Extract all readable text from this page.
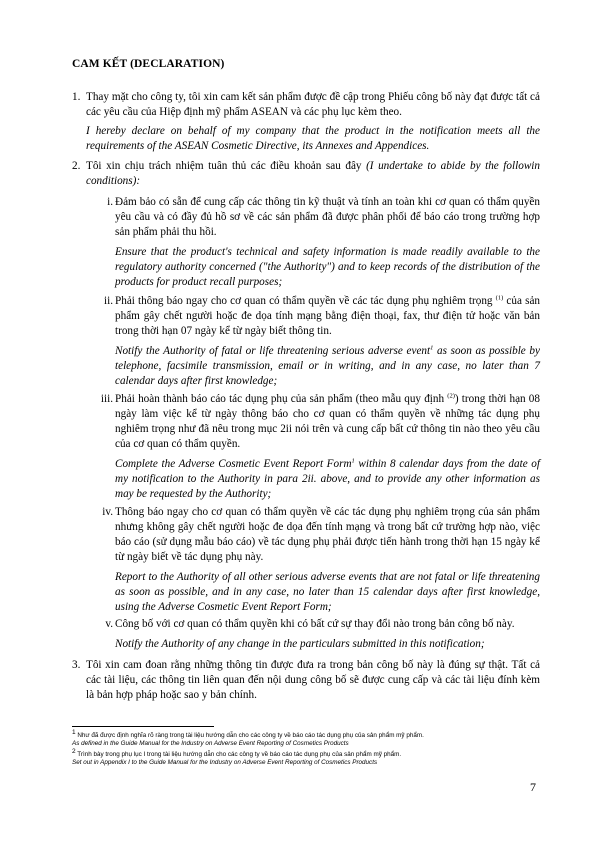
CAM KẾT (DECLARATION)
1. Thay mặt cho công ty, tôi xin cam kết sản phẩm được đề cập trong Phiếu công bố này đạt được tất cả các yêu cầu của Hiệp định mỹ phẩm ASEAN và các phụ lục kèm theo.
I hereby declare on behalf of my company that the product in the notification meets all the requirements of the ASEAN Cosmetic Directive, its Annexes and Appendices.
2. Tôi xin chịu trách nhiệm tuân thủ các điều khoản sau đây (I undertake to abide by the followin conditions):
i. Đảm bảo có sẵn để cung cấp các thông tin kỹ thuật và tính an toàn khi cơ quan có thẩm quyền yêu cầu và có đầy đủ hồ sơ về các sản phẩm đã được phân phối để báo cáo trong trường hợp sản phẩm phải thu hồi.
Ensure that the product's technical and safety information is made readily available to the regulatory authority concerned ("the Authority") and to keep records of the distribution of the products for product recall purposes;
ii. Phải thông báo ngay cho cơ quan có thẩm quyền về các tác dụng phụ nghiêm trọng $^{(1)}$ của sản phẩm gây chết người hoặc đe dọa tính mạng bằng điện thoại, fax, thư điện tử hoặc văn bản trong thời hạn 07 ngày kể từ ngày biết thông tin.
Notify the Authority of fatal or life threatening serious adverse event$^1$ as soon as possible by telephone, facsimile transmission, email or in writing, and in any case, no later than 7 calendar days after first knowledge;
iii. Phải hoàn thành báo cáo tác dụng phụ của sản phẩm (theo mẫu quy định $^{(2)}$) trong thời hạn 08 ngày làm việc kể từ ngày thông báo cho cơ quan có thẩm quyền về những tác dụng phụ nghiêm trọng như đã nêu trong mục 2ii nói trên và cung cấp bất cứ thông tin nào theo yêu cầu của cơ quan có thẩm quyền.
Complete the Adverse Cosmetic Event Report Form$^1$ within 8 calendar days from the date of my notification to the Authority in para 2ii. above, and to provide any other information as may be requested by the Authority;
iv. Thông báo ngay cho cơ quan có thẩm quyền về các tác dụng phụ nghiêm trọng của sản phẩm nhưng không gây chết người hoặc đe dọa đến tính mạng và trong bất cứ trường hợp nào, việc báo cáo (sử dụng mẫu báo cáo) về tác dụng phụ phải được tiến hành trong thời hạn 15 ngày kể từ ngày biết về tác dụng phụ này.
Report to the Authority of all other serious adverse events that are not fatal or life threatening as soon as possible, and in any case, no later than 15 calendar days after first knowledge, using the Adverse Cosmetic Event Report Form;
v. Công bố với cơ quan có thẩm quyền khi có bất cứ sự thay đổi nào trong bản công bố này.
Notify the Authority of any change in the particulars submitted in this notification;
3. Tôi xin cam đoan rằng những thông tin được đưa ra trong bản công bố này là đúng sự thật. Tất cả các tài liệu, các thông tin liên quan đến nội dung công bố sẽ được cung cấp và các tài liệu đính kèm là bản hợp pháp hoặc sao y bản chính.
$^1$ Như đã được định nghĩa rõ ràng trong tài liệu hướng dẫn cho các công ty về báo cáo tác dụng phụ của sản phẩm mỹ phẩm.
As defined in the Guide Manual for the Industry on Adverse Event Reporting of Cosmetics Products
$^2$ Trình bày trong phụ lục I trong tài liệu hướng dẫn cho các công ty về báo cáo tác dụng phụ của sản phẩm mỹ phẩm.
Set out in Appendix I to the Guide Manual for the Industry on Adverse Event Reporting of Cosmetics Products
7
